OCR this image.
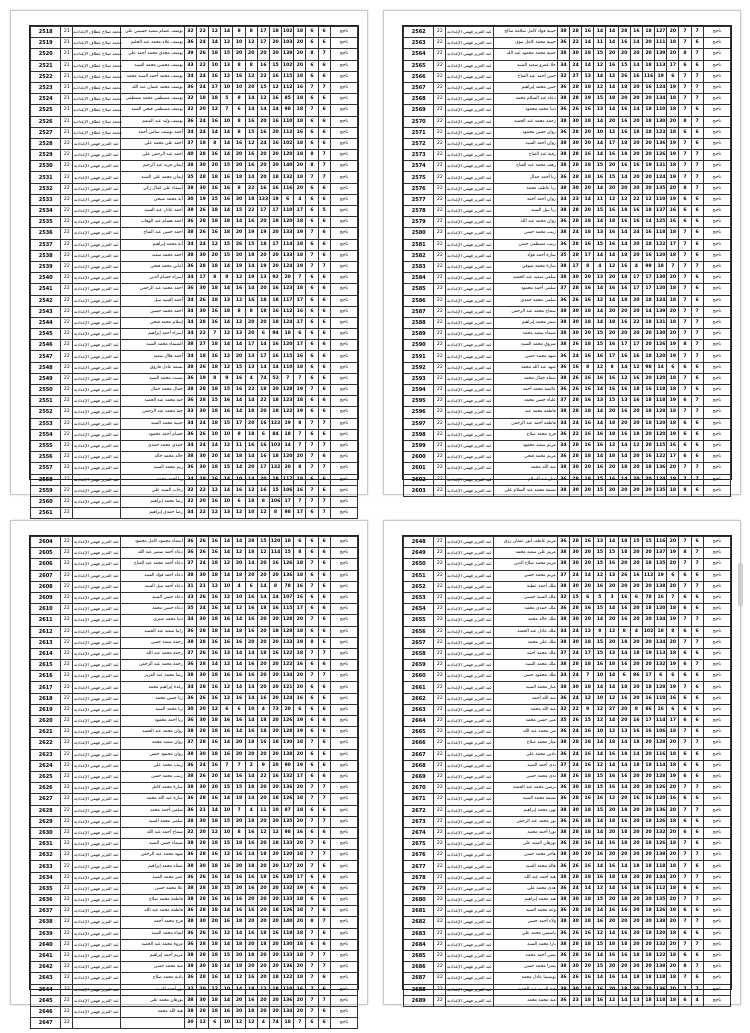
2518	21	محمد صلاح عطاف الإعدادية	يوسف عصام سعيد حسيني علي	32	22	12	14	8	8	17	18	102	18	6	6	ناجح
2519	21	محمد صلاح عطاف الإعدادية	يوسف علاء محمد عبد الحليم	36	24	14	12	10	12	17	20	103	20	6	6	ناجح
2520	21	محمد صلاح عطاف الإعدادية	يوسف مجدي محمد أحمد علي	39	26	18	15	20	20	20	20	139	20	8	7	ناجح
2521	21	محمد صلاح عطاف الإعدادية	يوسف محسن محمد السيد	33	22	10	13	8	8	16	15	102	20	6	6	ناجح
2522	21	محمد صلاح عطاف الإعدادية	يوسف محمد أحمد السيد محمد	34	24	16	12	16	12	22	16	115	18	6	6	ناجح
2523	21	محمد صلاح عطاف الإعدادية	يوسف محمد عثمان عبد الله	36	24	17	10	10	20	15	12	112	16	7	7	ناجح
2524	21	محمد صلاح عطاف الإعدادية	يوسف مصطفى محمد مصطفى	32	18	18	5	8	14	12	16	85	18	6	6	ناجح
2525	21	محمد صلاح عطاف الإعدادية	يوسف مصطفى فتحي السيد	32	20	12	7	6	14	14	14	98	18	7	6	ناجح
2526	21	محمد صلاح عطاف الإعدادية	يوسف وليد عبد المنعم	36	24	16	10	8	16	20	16	110	18	6	6	ناجح
2527	21	محمد صلاح عطاف الإعدادية	أحمد يوسف سامي أحمد	34	24	14	14	8	15	16	20	112	16	6	6	ناجح
2528	22	عبد العزيز فهمي الإعدادية	أحمد علي محمد علي	37	18	8	14	16	12	24	16	102	18	6	6	ناجح
2529	22	عبد العزيز فهمي الإعدادية	أحمد عبد الرحمن علي	40	28	16	14	20	16	20	20	120	18	8	7	ناجح
2530	22	عبد العزيز فهمي الإعدادية	إيمان فريد عبد الرحيم	38	30	20	15	20	16	20	20	140	20	8	7	ناجح
2531	22	عبد العزيز فهمي الإعدادية	إيمان محمد علي السيد	35	28	18	16	18	14	20	18	132	18	7	7	ناجح
2532	22	عبد العزيز فهمي الإعدادية	أسماء علي كمال زكي	38	30	16	16	8	22	16	16	116	20	6	6	ناجح
2533	22	عبد العزيز فهمي الإعدادية	آية محمد صبحي	30	19	15	16	30	18	133	19	6	4	6	6	ناجح
2534	22	عبد العزيز فهمي الإعدادية	أحمد عادل عبد السيد	38	26	18	14	15	22	17	17	110	17	6	5	ناجح
2535	22	عبد العزيز فهمي الإعدادية	أحمد هشام عبد الوهاب	36	28	18	18	14	16	20	18	120	18	6	6	ناجح
2536	22	عبد العزيز فهمي الإعدادية	أحمد حسن عبد الفتاح	38	26	16	18	20	19	19	20	133	19	7	6	ناجح
2537	22	عبد العزيز فهمي الإعدادية	آية محمد إبراهيم	34	24	12	15	26	15	18	17	114	18	6	6	ناجح
2538	22	عبد العزيز فهمي الإعدادية	أحمد محمد سعيد	38	30	20	15	20	18	20	20	133	18	7	6	ناجح
2539	22	عبد العزيز فهمي الإعدادية	أماني محمد فتحي	36	28	18	14	19	14	19	20	124	19	7	7	ناجح
2540	22	عبد العزيز فهمي الإعدادية	إسراء حسام الدين	34	17	8	8	12	19	13	92	20	7	6	6	ناجح
2541	22	عبد العزيز فهمي الإعدادية	أحمد محمد عبد الرحمن	36	30	18	14	16	14	20	16	123	18	6	6	ناجح
2542	22	عبد العزيز فهمي الإعدادية	أحمد السيد نبيل	34	26	18	13	12	16	18	18	117	17	6	6	ناجح
2543	22	عبد العزيز فهمي الإعدادية	أحمد محمد حسين	34	30	16	18	8	8	18	16	112	16	6	6	ناجح
2544	22	عبد العزيز فهمي الإعدادية	إسلام محمد فتحي	34	28	16	14	12	20	20	18	124	17	6	6	ناجح
2545	22	عبد العزيز فهمي الإعدادية	إسراء أحمد إبراهيم	34	22	7	12	13	20	6	94	18	6	6	6	ناجح
2546	22	عبد العزيز فهمي الإعدادية	الشيماء محمد السيد	38	27	18	14	14	17	14	16	120	17	6	6	ناجح
2547	22	عبد العزيز فهمي الإعدادية	أحمد هلال سعيد	34	18	16	12	20	13	17	16	115	16	6	6	ناجح
2548	22	عبد العزيز فهمي الإعدادية	بسمة عادل فاروق	38	26	18	12	15	13	14	14	110	18	6	6	ناجح
2549	22	عبد العزيز فهمي الإعدادية	بسنت محمد السيد	36	19	8	9	16	4	74	52	7	7	6	6	ناجح
2550	22	عبد العزيز فهمي الإعدادية	جمال محمد جمال	38	28	18	15	16	22	18	20	128	19	7	6	ناجح
2551	22	عبد العزيز فهمي الإعدادية	جنة محمد عبد الحميد	36	28	15	16	14	14	22	18	123	18	6	6	ناجح
2552	22	عبد العزيز فهمي الإعدادية	جنة محمد عبد الرحمن	33	30	18	16	14	18	20	18	122	19	6	6	ناجح
2553	22	عبد العزيز فهمي الإعدادية	حبيبة محمد السيد	34	24	18	15	17	20	16	122	19	8	7	7	ناجح
2554	22	عبد العزيز فهمي الإعدادية	حسام أحمد محمود	36	26	10	10	8	18	6	84	18	7	6	6	ناجح
2555	22	عبد العزيز فهمي الإعدادية	حمدي محمد حمدي	34	24	14	12	11	16	16	103	14	7	7	7	ناجح
2556	22	عبد العزيز فهمي الإعدادية	خالد محمد خالد	38	30	20	14	18	14	16	18	120	20	7	6	ناجح
2557	22	عبد العزيز فهمي الإعدادية	ريم محمد السيد	36	30	18	15	14	20	17	132	20	8	7	7	ناجح
2558	22	عبد العزيز فهمي الإعدادية	رنا أحمد محمد	34	28	16	14	10	14	20	18	117	18	6	6	ناجح
2559	22	عبد العزيز فهمي الإعدادية	رحاب السيد علي	32	22	12	14	16	12	16	15	106	16	7	6	ناجح
2560	22	عبد العزيز فهمي الإعدادية	رضا محمد إبراهيم	32	20	16	10	6	18	8	106	17	7	7	7	ناجح
2561	22		رضا حمدي إبراهيم	34	22	12	13	12	10	12	8	98	17	6	7	ناجح
2562	22	عبد العزيز فهمي الإعدادية	حبيبة فؤاد كامل سلامة صالح	38	28	16	14	14	28	16	18	127	20	7	7	ناجح
2563	22	عبد العزيز فهمي الإعدادية	حبيبة محمد كامل نبوي	36	22	14	11	14	16	14	20	111	18	7	6	ناجح
2564	22	عبد العزيز فهمي الإعدادية	حبيبة محمد محمود عبد الله	38	30	18	15	20	20	20	20	139	20	8	7	ناجح
2565	22	عبد العزيز فهمي الإعدادية	حلا عمرو سعيد السيد	34	24	14	12	16	15	14	18	113	17	6	6	ناجح
2566	22	عبد العزيز فهمي الإعدادية	حنين أحمد عبد الفتاح	32	27	13	14	12	26	16	116	19	6	7	7	ناجح
2567	22	عبد العزيز فهمي الإعدادية	حنين محمد إبراهيم	36	28	18	12	14	18	20	16	124	19	7	7	ناجح
2568	22	عبد العزيز فهمي الإعدادية	دعاء عبد السلام محمد	38	28	19	15	18	20	20	20	134	18	7	7	ناجح
2569	22	عبد العزيز فهمي الإعدادية	دينا محمد محمود	36	26	16	13	14	16	14	18	110	18	7	6	ناجح
2570	22	عبد العزيز فهمي الإعدادية	رحمة محمد عبد الحميد	38	30	18	14	20	16	20	18	130	20	8	7	ناجح
2571	22	عبد العزيز فهمي الإعدادية	روان حسن محمود	36	28	20	10	12	16	18	18	123	18	6	6	ناجح
2572	22	عبد العزيز فهمي الإعدادية	روان أحمد السيد	38	30	20	14	17	18	20	20	136	19	7	6	ناجح
2573	22	عبد العزيز فهمي الإعدادية	رقية عبد الفتاح	38	28	16	14	16	18	20	20	126	19	7	7	ناجح
2574	22	عبد العزيز فهمي الإعدادية	رهف محمد عبد الفتاح	38	28	18	15	20	16	16	19	131	18	7	7	ناجح
2575	22	عبد العزيز فهمي الإعدادية	رنا أحمد جمال	36	28	18	16	15	14	20	20	124	19	7	7	ناجح
2576	22	عبد العزيز فهمي الإعدادية	رنا عاطف محمد	38	30	20	14	20	20	20	20	135	20	8	7	ناجح
2577	22	عبد العزيز فهمي الإعدادية	روان أحمد أحمد	34	23	14	11	12	12	22	12	110	19	6	6	ناجح
2578	22	عبد العزيز فهمي الإعدادية	رنا نبيل السيد	38	28	20	15	16	18	16	18	137	16	6	6	ناجح
2579	22	عبد العزيز فهمي الإعدادية	روان محمد عبد الله	36	28	18	14	18	16	16	14	125	16	6	6	ناجح
2580	22	عبد العزيز فهمي الإعدادية	زينب محمد حسن	38	24	18	13	16	14	24	16	118	18	7	6	ناجح
2581	22	عبد العزيز فهمي الإعدادية	زينب مصطفى حسن	36	28	16	15	16	14	20	18	122	17	7	6	ناجح
2582	22	عبد العزيز فهمي الإعدادية	سارة أحمد فؤاد	35	28	17	14	14	18	20	16	120	18	7	6	ناجح
2583	22	عبد العزيز فهمي الإعدادية	سارة محمد شوقي	38	17	8	4	12	16	4	98	18	7	7	7	ناجح
2584	22	عبد العزيز فهمي الإعدادية	سلمى سعيد عبد الحميد	38	30	20	13	20	18	17	17	130	20	7	6	ناجح
2585	22	عبد العزيز فهمي الإعدادية	سلمى أحمد محمود	37	28	16	14	16	16	17	17	120	18	7	6	ناجح
2586	22	عبد العزيز فهمي الإعدادية	سلمى محمد حمدي	36	26	16	12	14	18	20	18	124	18	7	6	ناجح
2587	22	عبد العزيز فهمي الإعدادية	سماح محمد عبد الرحمن	38	30	18	14	20	20	20	14	139	20	7	7	ناجح
2588	22	عبد العزيز فهمي الإعدادية	سمر محمد إبراهيم	38	30	18	14	18	16	22	18	131	18	7	7	ناجح
2589	22	عبد العزيز فهمي الإعدادية	شيماء سعيد محمد	38	30	20	15	20	20	20	20	130	20	7	7	ناجح
2590	22	عبد العزيز فهمي الإعدادية	شروق محمد السيد	38	26	18	15	16	17	17	20	126	19	8	7	ناجح
2591	22	عبد العزيز فهمي الإعدادية	شهد محمد حسن	36	24	16	16	17	16	16	18	120	19	7	7	ناجح
2592	22	عبد العزيز فهمي الإعدادية	شهد عبد الله محمد	36	16	8	12	8	14	12	98	14	6	6	6	ناجح
2593	22	عبد العزيز فهمي الإعدادية	صفاء جمال محمد	38	26	16	16	16	12	16	20	120	18	7	6	ناجح
2594	22	عبد العزيز فهمي الإعدادية	عائشة محمد أحمد	36	26	16	14	16	16	18	16	118	18	7	6	ناجح
2595	22	عبد العزيز فهمي الإعدادية	علياء حسن محمد	37	28	16	13	15	13	16	18	118	19	6	7	ناجح
2596	22	عبد العزيز فهمي الإعدادية	فاطمة محمد عيد	38	28	18	14	20	16	20	18	128	18	7	7	ناجح
2597	22	عبد العزيز فهمي الإعدادية	فاطمة أحمد عبد الرحمن	34	24	16	14	18	20	20	18	120	18	6	6	ناجح
2598	22	عبد العزيز فهمي الإعدادية	فرح محمد صلاح	36	22	16	16	18	16	18	20	120	19	6	6	ناجح
2599	22	عبد العزيز فهمي الإعدادية	مريم سعيد محمود	34	28	16	16	12	14	12	20	115	16	6	6	ناجح
2600	22	عبد العزيز فهمي الإعدادية	مريم محمد فتحي	36	28	18	14	18	14	20	16	122	17	6	6	ناجح
2601	22	عبد العزيز فهمي الإعدادية	منة الله محمد	38	30	20	16	20	18	20	18	136	20	7	7	ناجح
2602	22	عبد العزيز فهمي الإعدادية	منار عبد السلام	36	28	18	15	16	14	20	20	124	19	7	7	ناجح
2603	22	عبد العزيز فهمي الإعدادية	نسمة محمد عبد السلام علي	38	30	20	15	20	20	20	20	135	18	8	6	ناجح
2604	22	عبد العزيز فهمي الإعدادية	أسماء محمود كامل محمود	36	26	16	14	14	28	15	120	18	6	6	6	ناجح
2605	22	عبد العزيز فهمي الإعدادية	دعاء أحمد سمير عبد الله	36	26	16	14	12	18	12	114	15	8	6	6	ناجح
2606	22	عبد العزيز فهمي الإعدادية	دعاء أحمد محمد عبد الفتاح	37	24	18	12	20	14	20	16	126	18	7	6	ناجح
2607	22	عبد العزيز فهمي الإعدادية	دعاء أحمد فؤاد السيد	38	30	18	14	18	20	20	20	136	18	6	6	ناجح
2608	22	عبد العزيز فهمي الإعدادية	دعاء أحمد نبيل السيد	31	21	12	10	4	6	14	8	78	16	7	6	ناجح
2609	22	عبد العزيز فهمي الإعدادية	دعاء حسن السيد	33	26	16	12	10	16	14	14	107	16	6	6	ناجح
2610	22	عبد العزيز فهمي الإعدادية	دعاء حسن محمد	35	24	16	14	12	16	18	16	115	17	6	6	ناجح
2611	22	عبد العزيز فهمي الإعدادية	دنيا محمد صبري	34	30	18	16	14	16	20	20	128	20	7	6	ناجح
2612	22	عبد العزيز فهمي الإعدادية	رانيا سعيد عبد الحميد	36	28	18	14	18	16	20	18	128	18	6	6	ناجح
2613	22	عبد العزيز فهمي الإعدادية	رحمة سعيد حسن	38	28	16	16	16	20	20	20	133	19	8	6	ناجح
2614	22	عبد العزيز فهمي الإعدادية	رحمة محمد عبد الله	37	26	16	13	14	14	18	16	122	18	7	7	ناجح
2615	22	عبد العزيز فهمي الإعدادية	رحمة محمد عبد الرحمن	36	28	14	12	14	16	20	20	122	16	6	6	ناجح
2616	22	عبد العزيز فهمي الإعدادية	رشا محمد عبد العزيز	38	30	18	16	16	16	20	20	134	20	7	7	ناجح
2617	22	عبد العزيز فهمي الإعدادية	رغدة إبراهيم محمد	34	28	16	12	14	14	20	20	121	20	6	6	ناجح
2618	22	عبد العزيز فهمي الإعدادية	رنا حسن محمد	36	26	16	12	16	14	16	20	124	16	6	6	ناجح
2619	22	عبد العزيز فهمي الإعدادية	رنا محمد السيد	30	20	12	6	6	10	4	73	20	6	6	6	ناجح
2620	22	عبد العزيز فهمي الإعدادية	رنا أحمد محمود	36	30	18	16	16	14	18	20	126	19	6	6	ناجح
2621	22	عبد العزيز فهمي الإعدادية	روان محمد عبد الحميد	38	28	18	16	14	16	18	20	128	19	6	6	ناجح
2622	22	عبد العزيز فهمي الإعدادية	روان سعيد محمد	37	28	16	14	20	18	16	18	130	18	7	6	ناجح
2623	22	عبد العزيز فهمي الإعدادية	روان محمود حسن	38	30	18	16	20	20	20	20	138	20	6	6	ناجح
2624	22	عبد العزيز فهمي الإعدادية	زينب محمد علي	36	24	16	7	7	2	9	10	90	19	6	6	ناجح
2625	22	عبد العزيز فهمي الإعدادية	زينب محمد حسن	38	26	20	14	16	14	22	16	132	17	6	6	ناجح
2626	22	عبد العزيز فهمي الإعدادية	سارة محمد كامل	38	30	20	15	15	18	20	20	136	20	7	7	ناجح
2627	22	عبد العزيز فهمي الإعدادية	سارة عبد الله محمد	36	28	16	14	18	14	20	18	126	18	7	7	ناجح
2628	22	عبد العزيز فهمي الإعدادية	سلمى أحمد محمد	36	21	14	10	7	4	11	10	87	18	6	6	ناجح
2629	22	عبد العزيز فهمي الإعدادية	سلمى محمد السيد	38	30	18	15	20	18	20	20	135	20	7	7	ناجح
2630	22	عبد العزيز فهمي الإعدادية	سماح أحمد عبد الله	32	20	12	10	8	16	12	12	98	16	6	6	ناجح
2631	22	عبد العزيز فهمي الإعدادية	شيماء حسن السيد	38	28	18	15	18	16	20	18	133	20	7	6	ناجح
2632	22	عبد العزيز فهمي الإعدادية	شهد محمد عبد الرحمن	36	28	16	12	16	14	18	20	120	18	7	7	ناجح
2633	22	عبد العزيز فهمي الإعدادية	صفاء محمد إبراهيم	38	30	18	16	20	18	20	20	137	20	7	6	ناجح
2634	22	عبد العزيز فهمي الإعدادية	عبير محمد السيد	36	26	16	14	16	16	18	16	120	17	6	6	ناجح
2635	22	عبد العزيز فهمي الإعدادية	علا محمد حسن	38	28	18	15	20	16	20	20	132	19	6	6	ناجح
2636	22	عبد العزيز فهمي الإعدادية	فاطمة محمد صلاح	38	28	16	16	16	20	20	20	133	18	6	6	ناجح
2637	22	عبد العزيز فهمي الإعدادية	فاطمة محمد عبد الله	36	28	18	14	16	16	20	18	126	18	7	6	ناجح
2638	22	عبد العزيز فهمي الإعدادية	فرح محمد أحمد	38	30	20	16	18	20	20	20	140	20	8	7	ناجح
2639	22	عبد العزيز فهمي الإعدادية	لمياء محمد السيد	36	26	16	12	14	16	18	16	118	18	7	6	ناجح
2640	22	عبد العزيز فهمي الإعدادية	مروة محمد عبد الحميد	36	28	18	14	18	20	18	20	130	18	6	6	ناجح
2641	22	عبد العزيز فهمي الإعدادية	مريم أحمد إبراهيم	38	28	18	15	20	18	20	20	133	18	7	7	ناجح
2642	22	عبد العزيز فهمي الإعدادية	منة محمد حسن	38	30	18	14	18	20	20	20	136	20	7	7	ناجح
2643	22	عبد العزيز فهمي الإعدادية	نادية محمد صلاح	36	28	16	14	12	16	20	18	122	18	7	6	ناجح
2644	22	عبد العزيز فهمي الإعدادية	نور أحمد السيد	32	20	12	10	14	18	12	18	110	16	7	6	ناجح
2645	22	عبد العزيز فهمي الإعدادية	نورهان محمد علي	38	30	18	14	20	16	20	20	136	20	7	7	ناجح
2646	22	عبد العزيز فهمي الإعدادية	هبة الله محمد	38	28	18	16	20	18	20	20	134	20	7	6	ناجح
2647	22			30	12	6	10	12	12	4	74	18	7	6	6	ناجح
2648	22	عبد العزيز فهمي الإعدادية	مريم عاطف أنور عثمان رزق	36	28	16	13	14	18	15	15	116	20	7	6	ناجح
2649	22	عبد العزيز فهمي الإعدادية	مريم علي سعيد محمد	38	30	20	15	15	18	20	20	137	19	8	7	ناجح
2650	22	عبد العزيز فهمي الإعدادية	مريم محمد صلاح الدين	38	30	20	15	16	20	20	18	135	20	7	7	ناجح
2651	22	عبد العزيز فهمي الإعدادية	مريم محمد حسن	37	24	14	12	13	26	16	112	19	6	6	6	ناجح
2652	22	عبد العزيز فهمي الإعدادية	ملك أحمد عطية	38	30	20	16	20	20	20	20	138	20	7	7	ناجح
2653	22	عبد العزيز فهمي الإعدادية	ملك السيد حسني	32	15	6	5	3	16	6	78	16	7	6	6	ناجح
2654	22	عبد العزيز فهمي الإعدادية	ملك حمدي محمد	36	28	16	15	14	16	20	18	120	18	6	6	ناجح
2655	22	عبد العزيز فهمي الإعدادية	ملك خالد محمد	38	30	20	14	20	16	20	20	134	19	7	7	ناجح
2656	22	عبد العزيز فهمي الإعدادية	ملك عادل عبد الحميد	34	24	12	8	12	8	4	102	18	8	6	6	ناجح
2657	22	عبد العزيز فهمي الإعدادية	ملك علي محمد	38	30	18	15	20	18	20	20	134	20	7	7	ناجح
2658	22	عبد العزيز فهمي الإعدادية	ملك محمد أحمد	37	24	17	15	13	14	18	19	113	18	6	6	ناجح
2659	22	عبد العزيز فهمي الإعدادية	ملك محمد السيد	38	28	18	16	18	16	20	20	132	19	6	7	ناجح
2660	22	عبد العزيز فهمي الإعدادية	ملك محمود حسن	34	24	7	10	14	6	86	17	6	6	6	6	ناجح
2661	22	عبد العزيز فهمي الإعدادية	منار محمد السيد	38	30	18	14	14	18	20	18	128	19	7	6	ناجح
2662	22	عبد العزيز فهمي الإعدادية	منة الله أحمد	36	24	12	10	12	16	20	16	110	16	6	6	ناجح
2663	22	عبد العزيز فهمي الإعدادية	منة الله محمد	32	22	9	12	27	20	8	86	16	6	6	6	ناجح
2664	22	عبد العزيز فهمي الإعدادية	منى حسن محمد	35	26	15	12	14	20	16	17	114	17	6	6	ناجح
2665	22	عبد العزيز فهمي الإعدادية	مي محمد عبد الله	36	24	16	10	12	13	16	16	106	18	7	6	ناجح
2666	22	عبد العزيز فهمي الإعدادية	ميار محمد صلاح	38	28	18	14	18	14	18	20	128	20	7	7	ناجح
2667	22	عبد العزيز فهمي الإعدادية	نادين محمد علي	36	24	16	14	16	18	14	20	116	18	6	6	ناجح
2668	22	عبد العزيز فهمي الإعدادية	ندى أحمد السيد	37	24	16	12	14	14	18	18	114	18	6	6	ناجح
2669	22	عبد العزيز فهمي الإعدادية	ندى محمد حسن	38	26	18	15	16	16	20	20	128	19	6	6	ناجح
2670	22	عبد العزيز فهمي الإعدادية	نرمين محمد عبد الحميد	36	30	18	15	16	14	20	20	126	20	7	7	ناجح
2671	22	عبد العزيز فهمي الإعدادية	نسمة محمد السيد	36	28	16	16	12	20	16	16	120	16	6	6	ناجح
2672	22	عبد العزيز فهمي الإعدادية	نهى محمد إبراهيم	38	30	18	15	20	18	20	20	136	20	7	7	ناجح
2673	22	عبد العزيز فهمي الإعدادية	نور محمد عبد الرحمن	36	26	18	14	18	16	20	18	126	18	6	6	ناجح
2674	22	عبد العزيز فهمي الإعدادية	نورا أحمد محمد	38	28	18	14	20	18	20	20	132	20	6	6	ناجح
2675	22	عبد العزيز فهمي الإعدادية	نورهان السيد علي	36	28	16	14	16	18	20	18	126	18	7	6	ناجح
2676	22	عبد العزيز فهمي الإعدادية	هاجر محمد حسن	38	30	20	16	20	20	20	20	138	20	7	7	ناجح
2677	22	عبد العزيز فهمي الإعدادية	هالة محمد السيد	36	26	16	14	16	14	18	18	118	18	7	6	ناجح
2678	22	عبد العزيز فهمي الإعدادية	هبة أحمد عبد الله	38	28	18	16	18	18	20	20	134	20	7	7	ناجح
2679	22	عبد العزيز فهمي الإعدادية	هدى محمد علي	36	24	14	12	14	16	18	16	112	18	6	6	ناجح
2680	22	عبد العزيز فهمي الإعدادية	هند محمد إبراهيم	38	30	18	15	20	18	20	20	135	20	7	7	ناجح
2681	22	عبد العزيز فهمي الإعدادية	وعد محمد السيد	36	28	18	14	16	16	20	18	126	18	6	6	ناجح
2682	22	عبد العزيز فهمي الإعدادية	ولاء أحمد حسن	38	30	18	16	20	20	20	20	138	20	7	7	ناجح
2683	22	عبد العزيز فهمي الإعدادية	ياسمين محمد علي	36	26	16	12	14	16	20	18	120	18	6	6	ناجح
2684	22	عبد العزيز فهمي الإعدادية	يارا محمد السيد	38	28	18	15	18	18	20	20	132	20	7	7	ناجح
2685	22	عبد العزيز فهمي الإعدادية	يمنى أحمد محمد	36	28	16	14	16	16	18	18	122	18	6	6	ناجح
2686	22	عبد العزيز فهمي الإعدادية	يسرا محمد حسن	38	30	20	15	20	20	20	20	138	20	8	7	ناجح
2687	22	عبد العزيز فهمي الإعدادية	يوستينا عادل محمد	36	26	16	14	16	14	18	18	118	18	7	6	ناجح
2688	22	عبد العزيز فهمي الإعدادية	هبة السيد عبد الحميد	38	30	18	16	20	18	20	20	136	20	7	7	ناجح
2689	22	عبد العزيز فهمي الإعدادية	منة محمد محمد	36	23	18	16	12	14	13	18	118	18	6	4	ناجح
